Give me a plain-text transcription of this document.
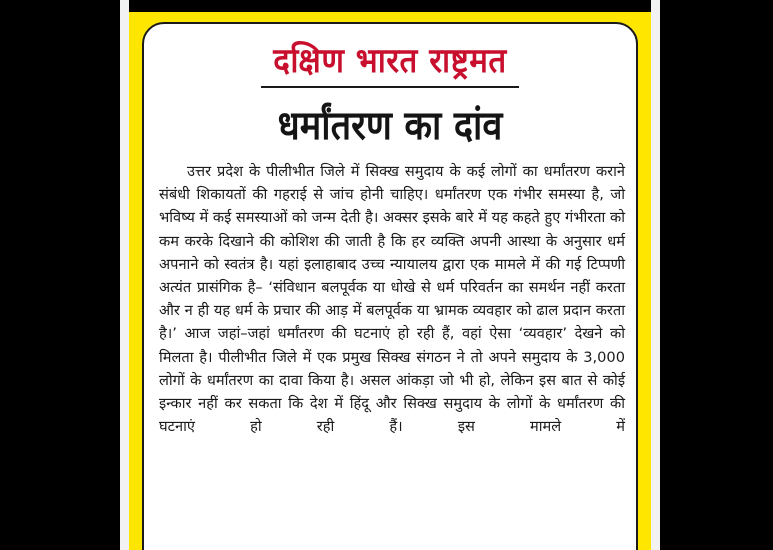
दक्षिण भारत राष्ट्रमत
धर्मांतरण का दांव

उत्तर प्रदेश के पीलीभीत जिले में सिक्ख समुदाय के कई लोगों का धर्मांतरण कराने संबंधी शिकायतों की गहराई से जांच होनी चाहिए। धर्मांतरण एक गंभीर समस्या है, जो भविष्य में कई समस्याओं को जन्म देती है। अक्सर इसके बारे में यह कहते हुए गंभीरता को कम करके दिखाने की कोशिश की जाती है कि हर व्यक्ति अपनी आस्था के अनुसार धर्म अपनाने को स्वतंत्र है। यहां इलाहाबाद उच्च न्यायालय द्वारा एक मामले में की गई टिप्पणी अत्यंत प्रासंगिक है– ‘संविधान बलपूर्वक या धोखे से धर्म परिवर्तन का समर्थन नहीं करता और न ही यह धर्म के प्रचार की आड़ में बलपूर्वक या भ्रामक व्यवहार को ढाल प्रदान करता है।’ आज जहां–जहां धर्मांतरण की घटनाएं हो रही हैं, वहां ऐसा ‘व्यवहार’ देखने को मिलता है। पीलीभीत जिले में एक प्रमुख सिक्ख संगठन ने तो अपने समुदाय के 3,000 लोगों के धर्मांतरण का दावा किया है। असल आंकड़ा जो भी हो, लेकिन इस बात से कोई इन्कार नहीं कर सकता कि देश में हिंदू और सिक्ख समुदाय के लोगों के धर्मांतरण की घटनाएं हो रही हैं। इस मामले में
